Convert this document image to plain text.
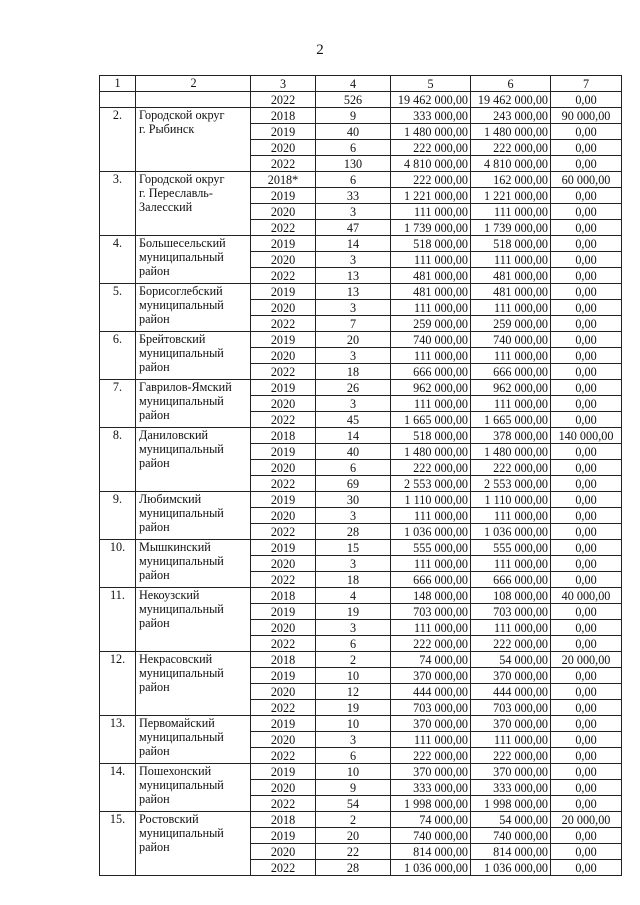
2
1	2	3	4	5	6	7
		2022	526	19 462 000,00	19 462 000,00	0,00
2.	Городской округ
г. Рыбинск	2018	9	333 000,00	243 000,00	90 000,00
		2019	40	1 480 000,00	1 480 000,00	0,00
		2020	6	222 000,00	222 000,00	0,00
		2022	130	4 810 000,00	4 810 000,00	0,00
3.	Городской округ
г. Переславль-
Залесский	2018*	6	222 000,00	162 000,00	60 000,00
		2019	33	1 221 000,00	1 221 000,00	0,00
		2020	3	111 000,00	111 000,00	0,00
		2022	47	1 739 000,00	1 739 000,00	0,00
4.	Большесельский
муниципальный
район	2019	14	518 000,00	518 000,00	0,00
		2020	3	111 000,00	111 000,00	0,00
		2022	13	481 000,00	481 000,00	0,00
5.	Борисоглебский
муниципальный
район	2019	13	481 000,00	481 000,00	0,00
		2020	3	111 000,00	111 000,00	0,00
		2022	7	259 000,00	259 000,00	0,00
6.	Брейтовский
муниципальный
район	2019	20	740 000,00	740 000,00	0,00
		2020	3	111 000,00	111 000,00	0,00
		2022	18	666 000,00	666 000,00	0,00
7.	Гаврилов-Ямский
муниципальный
район	2019	26	962 000,00	962 000,00	0,00
		2020	3	111 000,00	111 000,00	0,00
		2022	45	1 665 000,00	1 665 000,00	0,00
8.	Даниловский
муниципальный
район	2018	14	518 000,00	378 000,00	140 000,00
		2019	40	1 480 000,00	1 480 000,00	0,00
		2020	6	222 000,00	222 000,00	0,00
		2022	69	2 553 000,00	2 553 000,00	0,00
9.	Любимский
муниципальный
район	2019	30	1 110 000,00	1 110 000,00	0,00
		2020	3	111 000,00	111 000,00	0,00
		2022	28	1 036 000,00	1 036 000,00	0,00
10.	Мышкинский
муниципальный
район	2019	15	555 000,00	555 000,00	0,00
		2020	3	111 000,00	111 000,00	0,00
		2022	18	666 000,00	666 000,00	0,00
11.	Некоузский
муниципальный
район	2018	4	148 000,00	108 000,00	40 000,00
		2019	19	703 000,00	703 000,00	0,00
		2020	3	111 000,00	111 000,00	0,00
		2022	6	222 000,00	222 000,00	0,00
12.	Некрасовский
муниципальный
район	2018	2	74 000,00	54 000,00	20 000,00
		2019	10	370 000,00	370 000,00	0,00
		2020	12	444 000,00	444 000,00	0,00
		2022	19	703 000,00	703 000,00	0,00
13.	Первомайский
муниципальный
район	2019	10	370 000,00	370 000,00	0,00
		2020	3	111 000,00	111 000,00	0,00
		2022	6	222 000,00	222 000,00	0,00
14.	Пошехонский
муниципальный
район	2019	10	370 000,00	370 000,00	0,00
		2020	9	333 000,00	333 000,00	0,00
		2022	54	1 998 000,00	1 998 000,00	0,00
15.	Ростовский
муниципальный
район	2018	2	74 000,00	54 000,00	20 000,00
		2019	20	740 000,00	740 000,00	0,00
		2020	22	814 000,00	814 000,00	0,00
		2022	28	1 036 000,00	1 036 000,00	0,00
